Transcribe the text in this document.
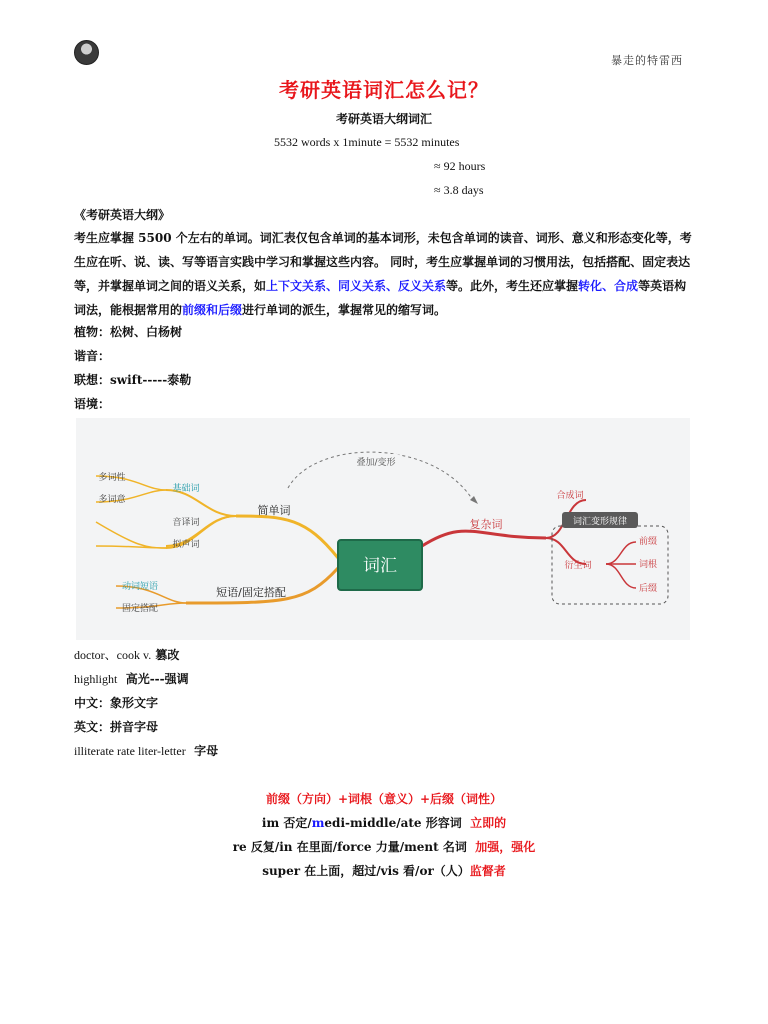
暴走的特雷西
考研英语词汇怎么记？
考研英语大纲词汇
5532 words x 1minute = 5532 minutes
≈ 92 hours
≈ 3.8 days
《考研英语大纲》
考生应掌握 5500 个左右的单词。词汇表仅包含单词的基本词形，未包含单词的读音、词形、意义和形态变化等，考生应在听、说、读、写等语言实践中学习和掌握这些内容。 同时，考生应掌握单词的习惯用法，包括搭配、固定表达等，并掌握单词之间的语义关系，如上下文关系、同义关系、反义关系等。此外，考生还应掌握转化、合成等英语构词法，能根据常用的前缀和后缀进行单词的派生，掌握常见的缩写词。
植物：松树、白杨树
谐音：
联想：swift-----泰勒
语境：
叠加/变形
词汇变形规律
词汇
简单词
短语/固定搭配
复杂词
基础词
多词性
多词意
音译词
拟声词
动词短语
固定搭配
合成词
衍生词
前缀
词根
后缀
doctor、cook v. 篡改
highlight 高光---强调
中文：象形文字
英文：拼音字母
illiterate rate liter-letter 字母
前缀（方向）+词根（意义）+后缀（词性）
im 否定/medi-middle/ate 形容词 立即的
re 反复/in 在里面/force 力量/ment 名词 加强，强化
super 在上面，超过/vis 看/or（人）监督者
